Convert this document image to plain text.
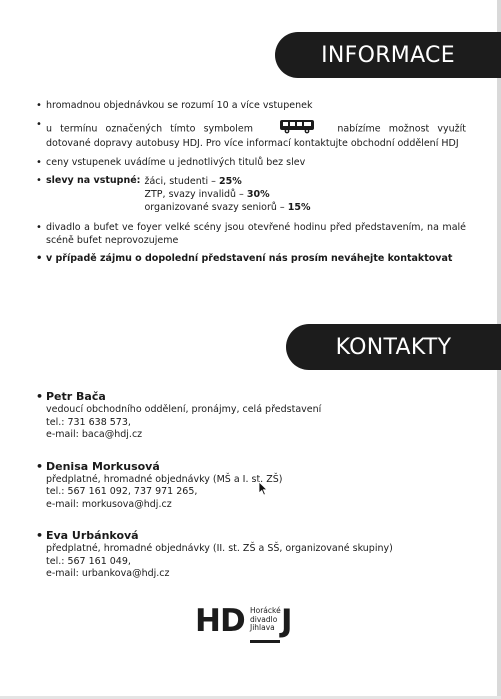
INFORMACE
• hromadnou objednávkou se rozumí 10 a více vstupenek
• u termínu označených tímto symbolem	nabízíme možnost využít dotované dopravy autobusy HDJ. Pro více informací kontaktujte obchodní oddělení HDJ
• ceny vstupenek uvádíme u jednotlivých titulů bez slev
• slevy na vstupné: žáci, studenti – 25%
ZTP, svazy invalidů – 30%
organizované svazy seniorů – 15%
• divadlo a bufet ve foyer velké scény jsou otevřené hodinu před představením, na malé scéně bufet neprovozujeme
• v případě zájmu o dopolední představení nás prosím neváhejte kontaktovat
KONTAKTY
• Petr Bača
vedoucí obchodního oddělení, pronájmy, celá představení
tel.: 731 638 573,
e-mail: baca@hdj.cz
• Denisa Morkusová
předplatné, hromadné objednávky (MŠ a I. st. ZŠ)
tel.: 567 161 092, 737 971 265,
e-mail: morkusova@hdj.cz
• Eva Urbánková
předplatné, hromadné objednávky (II. st. ZŠ a SŠ, organizované skupiny)
tel.: 567 161 049,
e-mail: urbankova@hdj.cz
HD Horácké
divadlo
Jihlava J
